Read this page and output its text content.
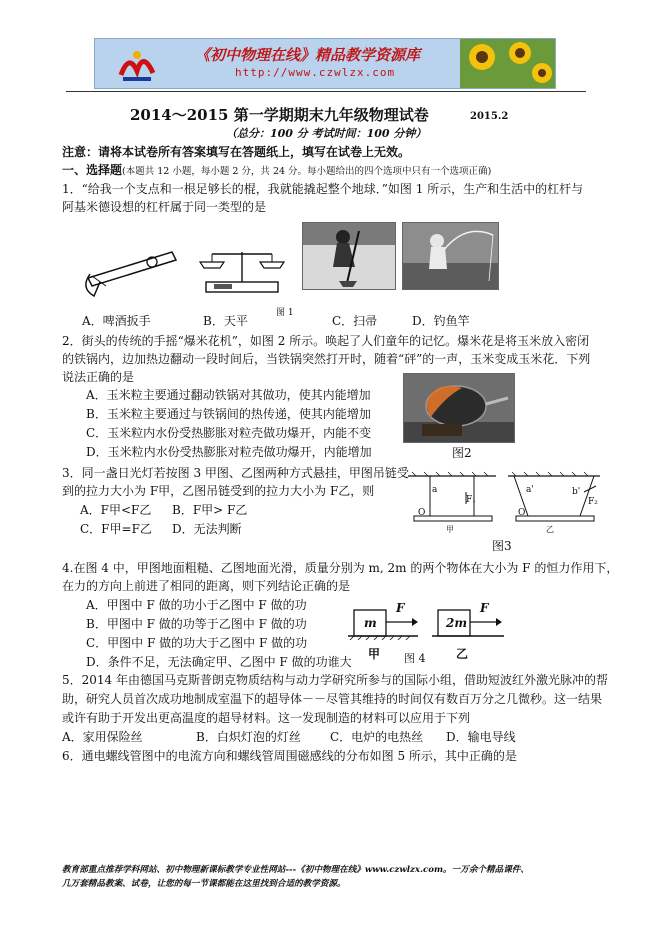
《初中物理在线》精品教学资源库
http://www.czwlzx.com
2014～2015 第一学期期末九年级物理试卷	2015.2
（总分：100 分 考试时间：100 分钟）
注意：请将本试卷所有答案填写在答题纸上，填写在试卷上无效。
一、选择题(本题共 12 小题，每小题 2 分，共 24 分。每小题给出的四个选项中只有一个选项正确)
1．“给我一个支点和一根足够长的棍，我就能撬起整个地球．”如图 1 所示，生产和生活中的杠杆与
阿基米德设想的杠杆属于同一类型的是
图 1
A．啤酒扳手	B．天平	C．扫帚	D．钓鱼竿
2．街头的传统的手摇“爆米花机”，如图 2 所示。唤起了人们童年的记忆。爆米花是将玉米放入密闭
的铁锅内，边加热边翻动一段时间后，当铁锅突然打开时，随着“砰”的一声，玉米变成玉米花．下列
说法正确的是
A．玉米粒主要通过翻动铁锅对其做功，使其内能增加
B．玉米粒主要通过与铁锅间的热传递，使其内能增加
C．玉米粒内水份受热膨胀对粒壳做功爆开，内能不变
D．玉米粒内水份受热膨胀对粒壳做功爆开，内能增加	图2
3．同一盏日光灯若按图 3 甲图、乙图两种方式悬挂，甲图吊链受
到的拉力大小为 F甲，乙图吊链受到的拉力大小为 F乙，则
A．F甲<F乙 B．F甲> F乙
C．F甲=F乙 D．无法判断
a
F₁
O
甲
a'	b'
F₂
O
乙
图3
4.在图 4 中，甲图地面粗糙、乙图地面光滑，质量分别为 m, 2m 的两个物体在大小为 F 的恒力作用下，
在力的方向上前进了相同的距离，则下列结论正确的是
A．甲图中 F 做的功小于乙图中 F 做的功
B．甲图中 F 做的功等于乙图中 F 做的功
C．甲图中 F 做的功大于乙图中 F 做的功
D．条件不足，无法确定甲、乙图中 F 做的功谁大
m	2m
F	F
甲 图 4	乙
5．2014 年由德国马克斯普朗克物质结构与动力学研究所参与的国际小组，借助短波红外激光脉冲的帮
助，研究人员首次成功地制成室温下的超导体－－尽管其维持的时间仅有数百万分之几微秒。这一结果
或许有助于开发出更高温度的超导材料。这一发现制造的材料可以应用于下列
A．家用保险丝	B．白炽灯泡的灯丝 C．电炉的电热丝 D．输电导线
6．通电螺线管图中的电流方向和螺线管周围磁感线的分布如图 5 所示，其中正确的是
教育部重点推荐学科网站、初中物理新课标教学专业性网站---《初中物理在线》www.czwlzx.com。一万余个精品课件、
几万套精品教案、试卷，让您的每一节课都能在这里找到合适的教学资源。
